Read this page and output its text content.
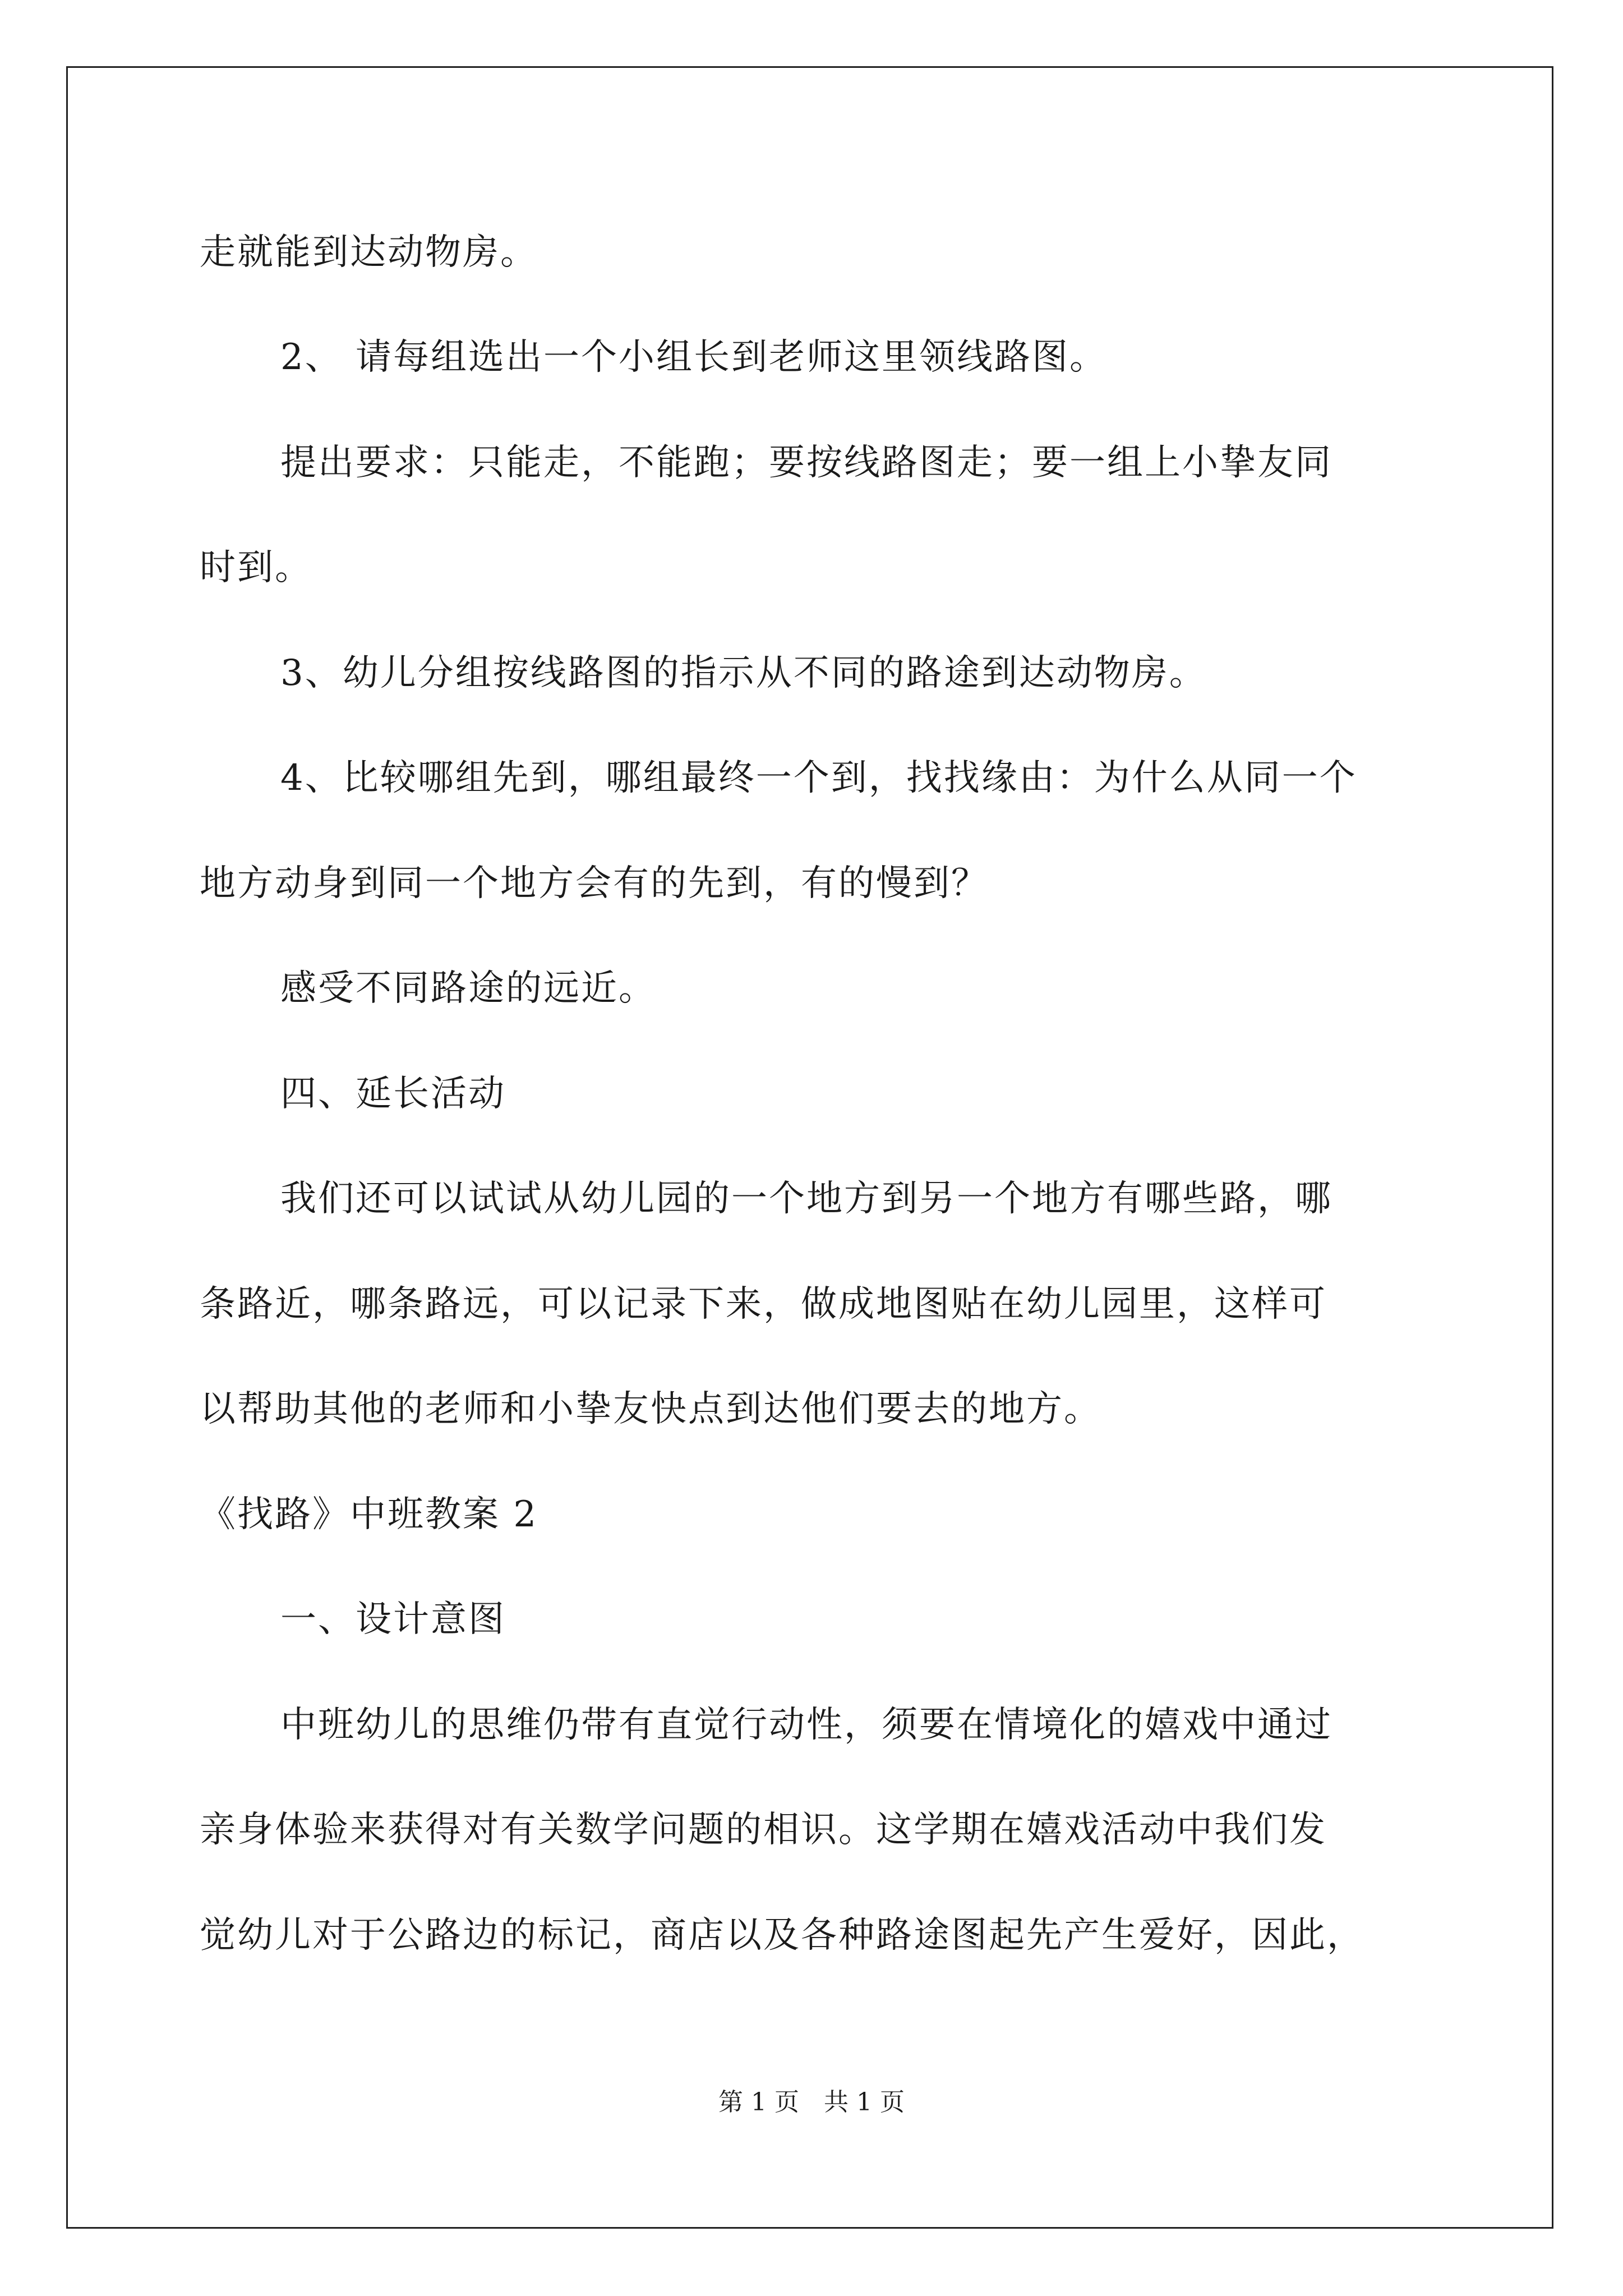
走就能到达动物房。
2、 请每组选出一个小组长到老师这里领线路图。
提出要求：只能走，不能跑；要按线路图走；要一组上小挚友同
时到。
3、幼儿分组按线路图的指示从不同的路途到达动物房。
4、比较哪组先到，哪组最终一个到，找找缘由：为什么从同一个
地方动身到同一个地方会有的先到，有的慢到？
感受不同路途的远近。
四、延长活动
我们还可以试试从幼儿园的一个地方到另一个地方有哪些路，哪
条路近，哪条路远，可以记录下来，做成地图贴在幼儿园里，这样可
以帮助其他的老师和小挚友快点到达他们要去的地方。
《找路》中班教案 2
一、设计意图
中班幼儿的思维仍带有直觉行动性，须要在情境化的嬉戏中通过
亲身体验来获得对有关数学问题的相识。这学期在嬉戏活动中我们发
觉幼儿对于公路边的标记，商店以及各种路途图起先产生爱好，因此，
第 1 页　共 1 页
